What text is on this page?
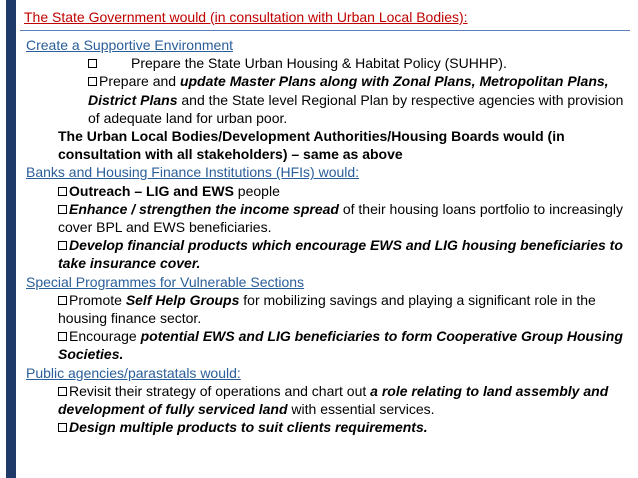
The State Government would (in consultation with Urban Local Bodies):
Create a Supportive Environment
Prepare the State Urban Housing & Habitat Policy (SUHHP).
Prepare and update Master Plans along with Zonal Plans, Metropolitan Plans, District Plans and the State level Regional Plan by respective agencies with provision of adequate land for urban poor.
The Urban Local Bodies/Development Authorities/Housing Boards would (in consultation with all stakeholders) – same as above
Banks and Housing Finance Institutions (HFIs) would:
Outreach – LIG and EWS people
Enhance / strengthen the income spread of their housing loans portfolio to increasingly cover BPL and EWS beneficiaries.
Develop financial products which encourage EWS and LIG housing beneficiaries to take insurance cover.
Special Programmes for Vulnerable Sections
Promote Self Help Groups for mobilizing savings and playing a significant role in the housing finance sector.
Encourage potential EWS and LIG beneficiaries to form Cooperative Group Housing Societies.
Public agencies/parastatals would:
Revisit their strategy of operations and chart out a role relating to land assembly and development of fully serviced land with essential services.
Design multiple products to suit clients requirements.
